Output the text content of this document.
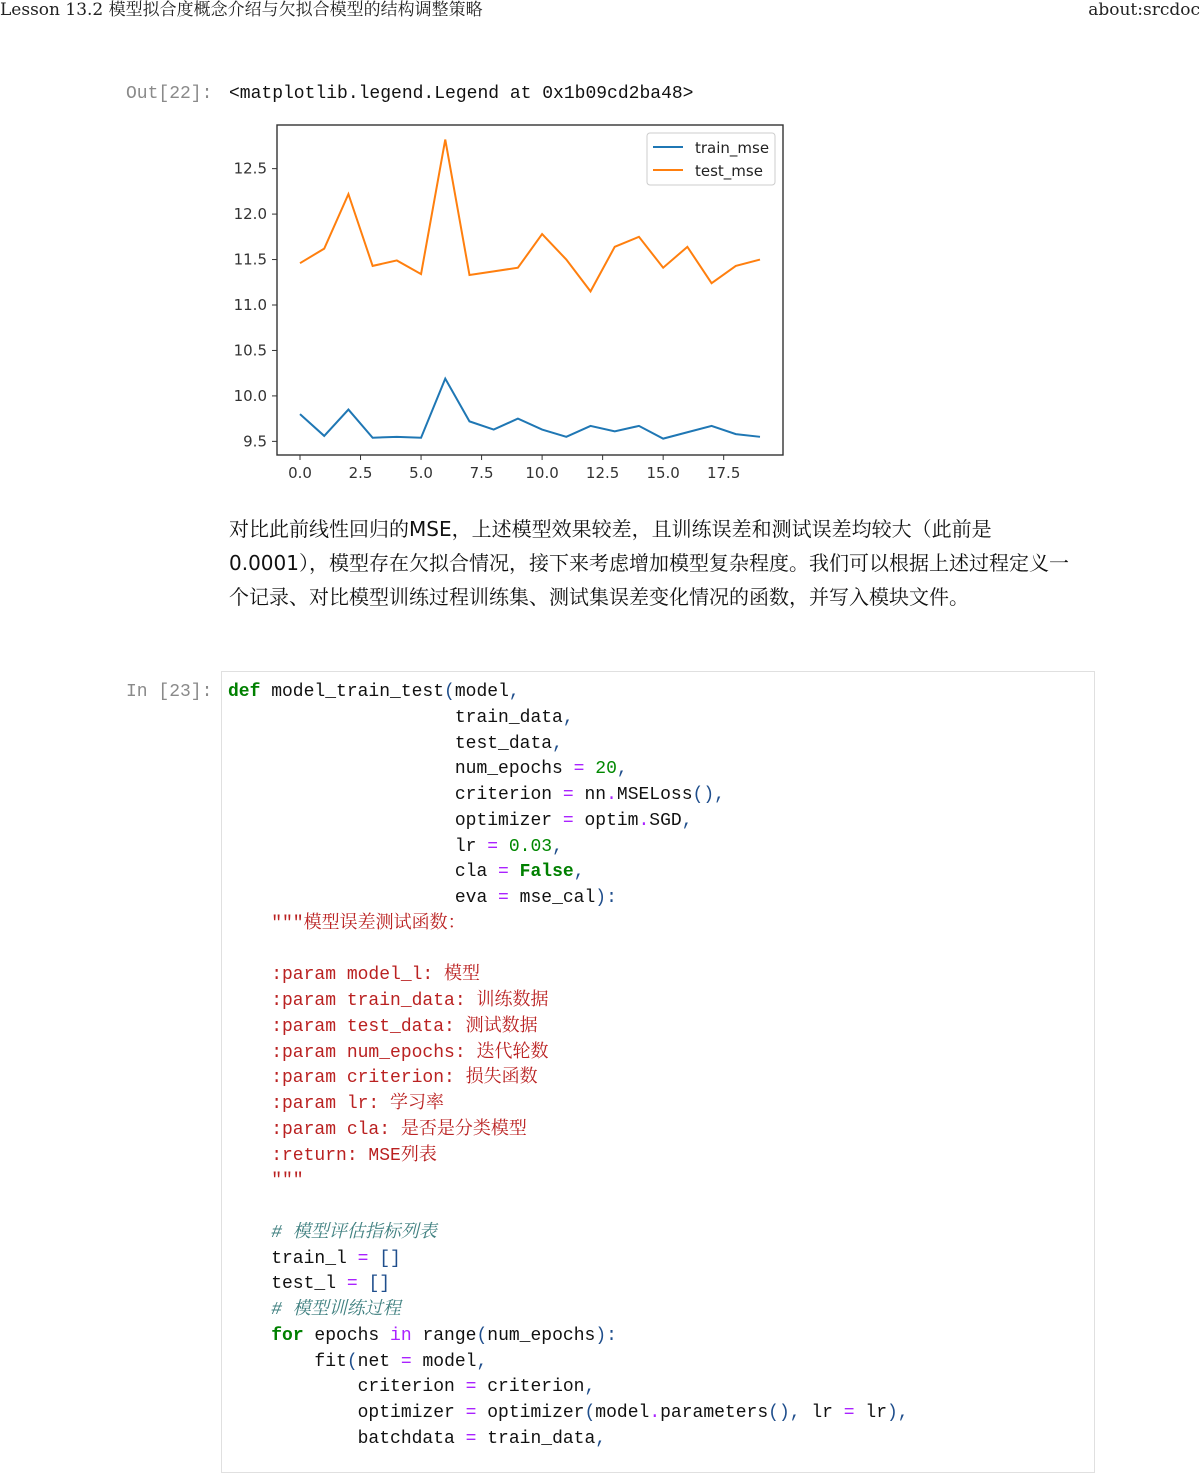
Lesson 13.2 模型拟合度概念介绍与欠拟合模型的结构调整策略	about:srcdoc
Out[22]: <matplotlib.legend.Legend at 0x1b09cd2ba48>
0.0 2.5 5.0 7.5 10.0 12.5 15.0 17.5
9.5
10.0
10.5
11.0
11.5
12.0
12.5
train_mse
test_mse
对比此前线性回归的MSE，上述模型效果较差，且训练误差和测试误差均较大（此前是0.0001），模型存在欠拟合情况，接下来考虑增加模型复杂程度。我们可以根据上述过程定义一个记录、对比模型训练过程训练集、测试集误差变化情况的函数，并写入模块文件。
In [23]: def model_train_test(model,
train_data,
test_data,
num_epochs = 20,
criterion = nn.MSELoss(),
optimizer = optim.SGD,
lr = 0.03,
cla = False,
eva = mse_cal):
"""模型误差测试函数：
:param model_l: 模型
:param train_data: 训练数据
:param test_data: 测试数据
:param num_epochs: 迭代轮数
:param criterion: 损失函数
:param lr: 学习率
:param cla: 是否是分类模型
:return: MSE列表
"""
# 模型评估指标列表
train_l = []
test_l = []
# 模型训练过程
for epochs in range(num_epochs):
fit(net = model,
criterion = criterion,
optimizer = optimizer(model.parameters(), lr = lr),
batchdata = train_data,
